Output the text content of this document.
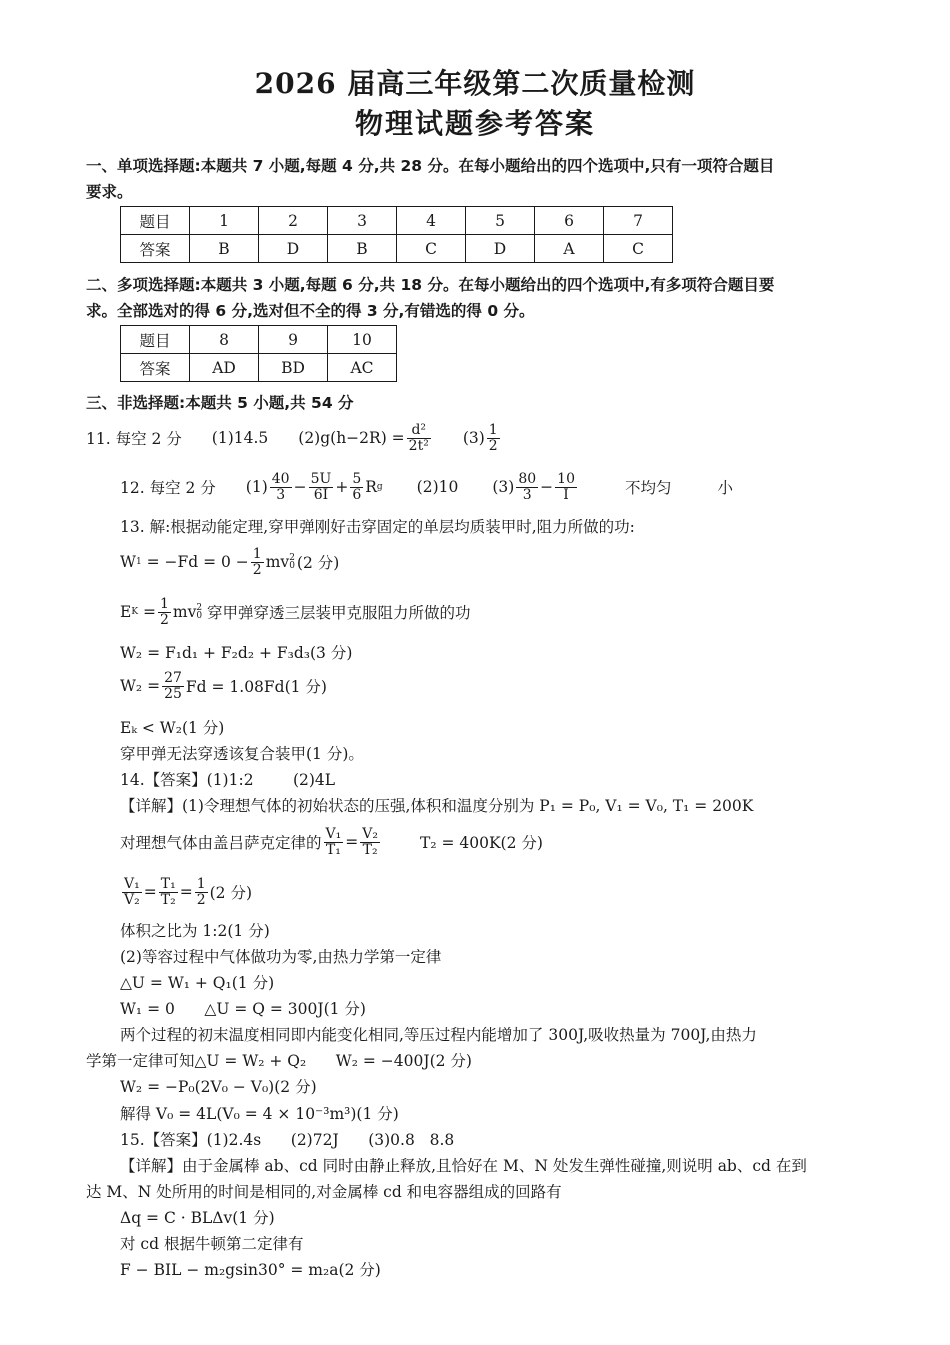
2026 届高三年级第二次质量检测
物理试题参考答案
一、单项选择题:本题共 7 小题,每题 4 分,共 28 分。在每小题给出的四个选项中,只有一项符合题目
要求。
题目	1	2	3	4	5	6	7
答案	B	D	B	C	D	A	C
二、多项选择题:本题共 3 小题,每题 6 分,共 18 分。在每小题给出的四个选项中,有多项符合题目要
求。全部选对的得 6 分,选对但不全的得 3 分,有错选的得 0 分。
题目	8	9	10
答案	AD	BD	AC
三、非选择题:本题共 5 小题,共 54 分
11. 每空 2 分 (1)14.5 $(2)g(h-2R) = \frac{\text{d²}}{\text{2t²}} (3) \frac{1}{2}$
12. 每空 2 分 $(1) \frac{40}{3} - \frac{5U}{6I} + \frac{5}{6}$ R g (2)10 $(3) \frac{80}{3} - \frac{10}{I}$	不均匀	小
13. 解:根据动能定理,穿甲弹刚好击穿固定的单层均质装甲时,阻力所做的功:
W $1 = -Fd = 0 - \frac{1}{2}$ mv 2
0 (2 分)
E $K = \frac{1}{2}$ mv 2
0 穿甲弹穿透三层装甲克服阻力所做的功
W₂ = F₁d₁ + F₂d₂ + F₃d₃(3 分)
$W_2 = \frac{27}{25}$ Fd = 1.08Fd(1 分)
Eₖ < W₂(1 分)
穿甲弹无法穿透该复合装甲(1 分)。
14.【答案】(1)1:2        (2)4L
【详解】(1)令理想气体的初始状态的压强,体积和温度分别为 P₁ = P₀, V₁ = V₀, T₁ = 200K
对理想气体由盖吕萨克定律的 $\frac{\text{V₁}}{\text{T₁}} = \frac{\text{V₂}}{\text{T₂}}$	T₂ = 400K(2 分)
$\frac{\text{V₁}}{\text{V₂}} = \frac{\text{T₁}}{\text{T₂}} = \frac{1}{2} (2$ 分)
体积之比为 1:2(1 分)
(2)等容过程中气体做功为零,由热力学第一定律
△U = W₁ + Q₁(1 分)
W₁ = 0      △U = Q = 300J(1 分)
两个过程的初末温度相同即内能变化相同,等压过程内能增加了 300J,吸收热量为 700J,由热力
学第一定律可知△U = W₂ + Q₂      W₂ = −400J(2 分)
W₂ = −P₀(2V₀ − V₀)(2 分)
解得 V₀ = 4L(V₀ = 4 × 10⁻³m³)(1 分)
15.【答案】(1)2.4s      (2)72J      (3)0.8   8.8
【详解】由于金属棒 ab、cd 同时由静止释放,且恰好在 M、N 处发生弹性碰撞,则说明 ab、cd 在到
达 M、N 处所用的时间是相同的,对金属棒 cd 和电容器组成的回路有
Δq = C · BLΔv(1 分)
对 cd 根据牛顿第二定律有
F − BIL − m₂gsin30° = m₂a(2 分)
